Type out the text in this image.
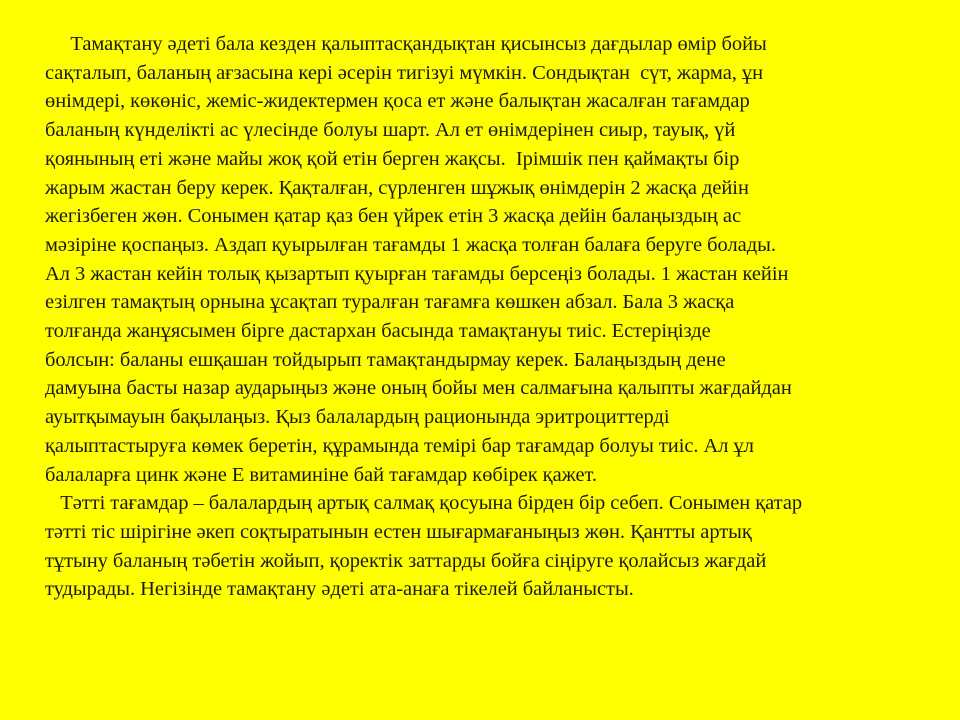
Тамақтану әдеті бала кезден қалыптасқандықтан қисынсыз дағдылар өмір бойы
сақталып, баланың ағзасына кері әсерін тигізуі мүмкін. Сондықтан  сүт, жарма, ұн
өнімдері, көкөніс, жеміс-жидектермен қоса ет және балықтан жасалған тағамдар
баланың күнделікті ас үлесінде болуы шарт. Ал ет өнімдерінен сиыр, тауық, үй
қоянының еті және майы жоқ қой етін берген жақсы.  Ірімшік пен қаймақты бір
жарым жастан беру керек. Қақталған, сүрленген шұжық өнімдерін 2 жасқа дейін
жегізбеген жөн. Сонымен қатар қаз бен үйрек етін 3 жасқа дейін балаңыздың ас
мәзіріне қоспаңыз. Аздап қуырылған тағамды 1 жасқа толған балаға беруге болады.
Ал 3 жастан кейін толық қызартып қуырған тағамды берсеңіз болады. 1 жастан кейін
езілген тамақтың орнына ұсақтап туралған тағамға көшкен абзал. Бала 3 жасқа
толғанда жанұясымен бірге дастархан басында тамақтануы тиіс. Естеріңізде
болсын: баланы ешқашан тойдырып тамақтандырмау керек. Балаңыздың дене
дамуына басты назар аударыңыз және оның бойы мен салмағына қалыпты жағдайдан
ауытқымауын бақылаңыз. Қыз балалардың рационында эритроциттерді
қалыптастыруға көмек беретін, құрамында темірі бар тағамдар болуы тиіс. Ал ұл
балаларға цинк және Е витаминіне бай тағамдар көбірек қажет.
Тәтті тағамдар – балалардың артық салмақ қосуына бірден бір себеп. Сонымен қатар
тәтті тіс шірігіне әкеп соқтыратынын естен шығармағаныңыз жөн. Қантты артық
тұтыну баланың тәбетін жойып, қоректік заттарды бойға сіңіруге қолайсыз жағдай
тудырады. Негізінде тамақтану әдеті ата-анаға тікелей байланысты.
